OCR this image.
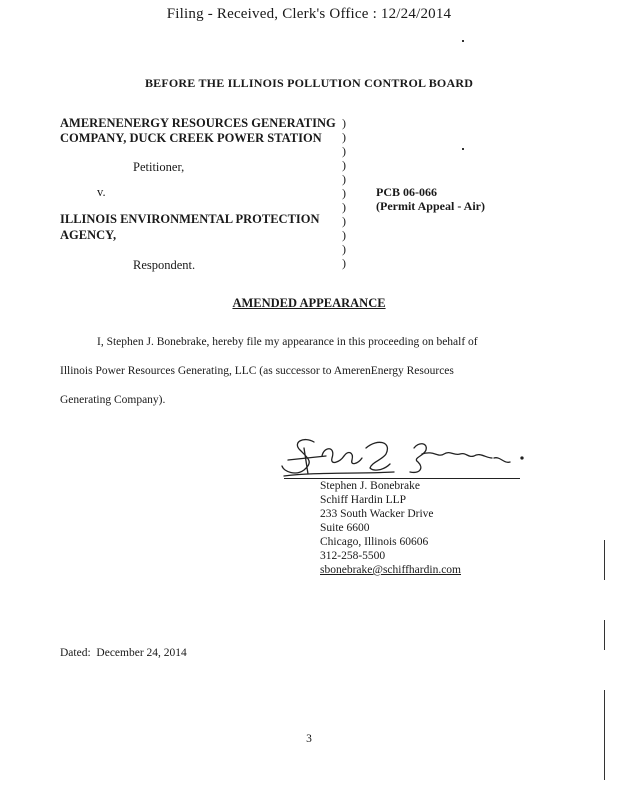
Filing - Received, Clerk's Office : 12/24/2014
BEFORE THE ILLINOIS POLLUTION CONTROL BOARD
AMERENENERGY RESOURCES GENERATING
COMPANY, DUCK CREEK POWER STATION
Petitioner,
v.
ILLINOIS ENVIRONMENTAL PROTECTION
AGENCY,
Respondent.
)
)
)
)
)
)
)
)
)
)
)
PCB 06-066
(Permit Appeal - Air)
AMENDED APPEARANCE
I, Stephen J. Bonebrake, hereby file my appearance in this proceeding on behalf of
Illinois Power Resources Generating, LLC (as successor to AmerenEnergy Resources
Generating Company).
Stephen J. Bonebrake
Stephen J. Bonebrake
Schiff Hardin LLP
233 South Wacker Drive
Suite 6600
Chicago, Illinois 60606
312-258-5500
sbonebrake@schiffhardin.com
Dated: December 24, 2014
3
